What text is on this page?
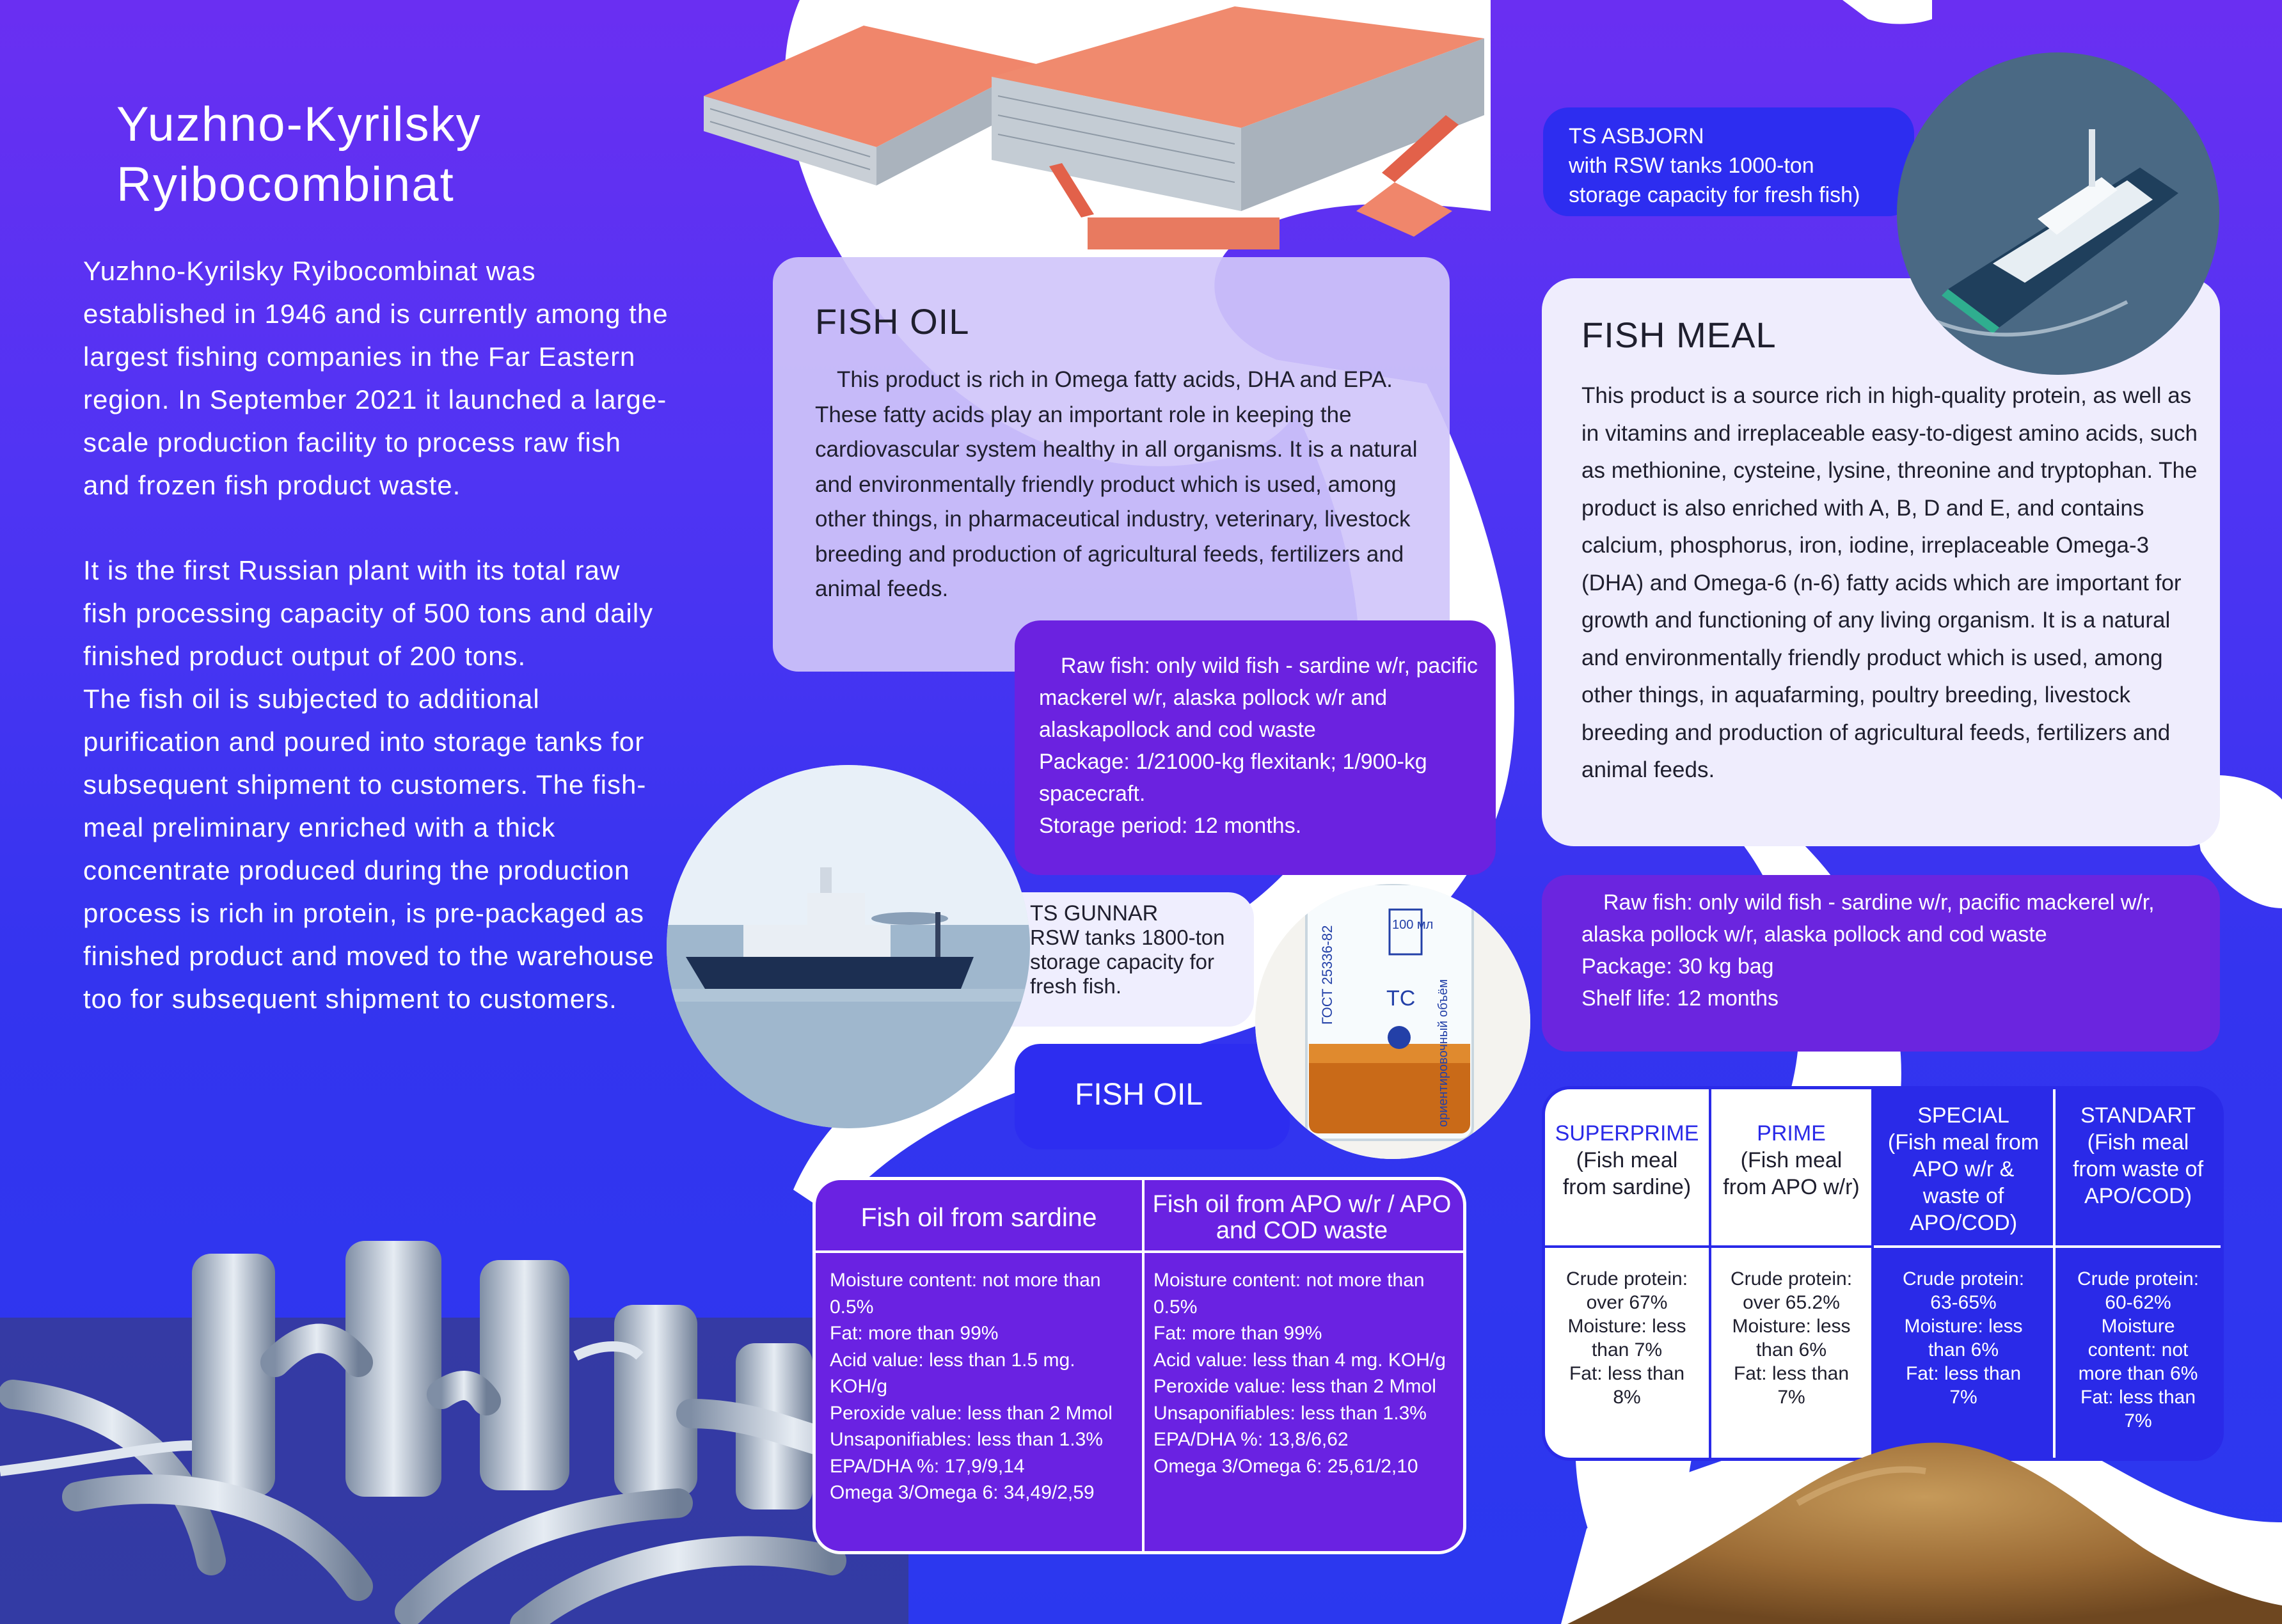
Yuzhno-Kyrilsky
Ryibocombinat

Yuzhno-Kyrilsky Ryibocombinat was established in 1946 and is currently among the largest fishing companies in the Far Eastern region. In September 2021 it launched a large-scale production facility to process raw fish and frozen fish product waste.

It is the first Russian plant with its total raw fish processing capacity of 500 tons and daily finished product output of 200 tons.

The fish oil is subjected to additional purification and poured into storage tanks for subsequent shipment to customers. The fish-meal preliminary enriched with a thick concentrate produced during the production process is rich in protein, is pre-packaged as finished product and moved to the warehouse too for subsequent shipment to customers.

FISH OIL

This product is rich in Omega fatty acids, DHA and EPA. These fatty acids play an important role in keeping the cardiovascular system healthy in all organisms. It is a natural and environmentally friendly product which is used, among other things, in pharmaceutical industry, veterinary, livestock breeding and production of agricultural feeds, fertilizers and animal feeds.

Raw fish: only wild fish - sardine w/r, pacific mackerel w/r, alaska pollock w/r and alaskapollock and cod waste
Package: 1/21000-kg flexitank; 1/900-kg spacecraft.
Storage period: 12 months.
TS GUNNAR
RSW tanks 1800-ton storage capacity for fresh fish.
FISH OIL
ГОСТ 25336-82
100 мл
TC ориентировочный объём
Fish oil from sardine	Fish oil from APO w/r / APO and COD waste
Moisture content: not more than 0.5%
Fat: more than 99%
Acid value: less than 1.5 mg. KOH/g
Peroxide value: less than 2 Mmol
Unsaponifiables: less than 1.3%
EPA/DHA %: 17,9/9,14
Omega 3/Omega 6: 34,49/2,59
Moisture content: not more than 0.5%
Fat: more than 99%
Acid value: less than 4 mg. KOH/g
Peroxide value: less than 2 Mmol
Unsaponifiables: less than 1.3%
EPA/DHA %: 13,8/6,62
Omega 3/Omega 6: 25,61/2,10
TS ASBJORN
with RSW tanks 1000-ton
storage capacity for fresh fish)
FISH MEAL

This product is a source rich in high-quality protein, as well as in vitamins and irreplaceable easy-to-digest amino acids, such as methionine, cysteine, lysine, threonine and tryptophan. The product is also enriched with A, B, D and E, and contains calcium, phosphorus, iron, iodine, irreplaceable Omega-3 (DHA) and Omega-6 (n-6) fatty acids which are important for growth and functioning of any living organism. It is a natural and environmentally friendly product which is used, among other things, in aquafarming, poultry breeding, livestock breeding and production of agricultural feeds, fertilizers and animal feeds.

Raw fish: only wild fish - sardine w/r, pacific mackerel w/r, alaska pollock w/r, alaska pollock and cod waste
Package: 30 kg bag
Shelf life: 12 months
SUPERPRIME
(Fish meal from sardine)
PRIME
(Fish meal from APO w/r)
SPECIAL
(Fish meal from APO w/r & waste of APO/COD)
STANDART
(Fish meal from waste of APO/COD)
Crude protein:
over 67%
Moisture: less
than 7%
Fat: less than
8%
Crude protein:
over 65.2%
Moisture: less
than 6%
Fat: less than
7%
Crude protein:
63-65%
Moisture: less
than 6%
Fat: less than
7%
Crude protein:
60-62%
Moisture
content: not
more than 6%
Fat: less than
7%
